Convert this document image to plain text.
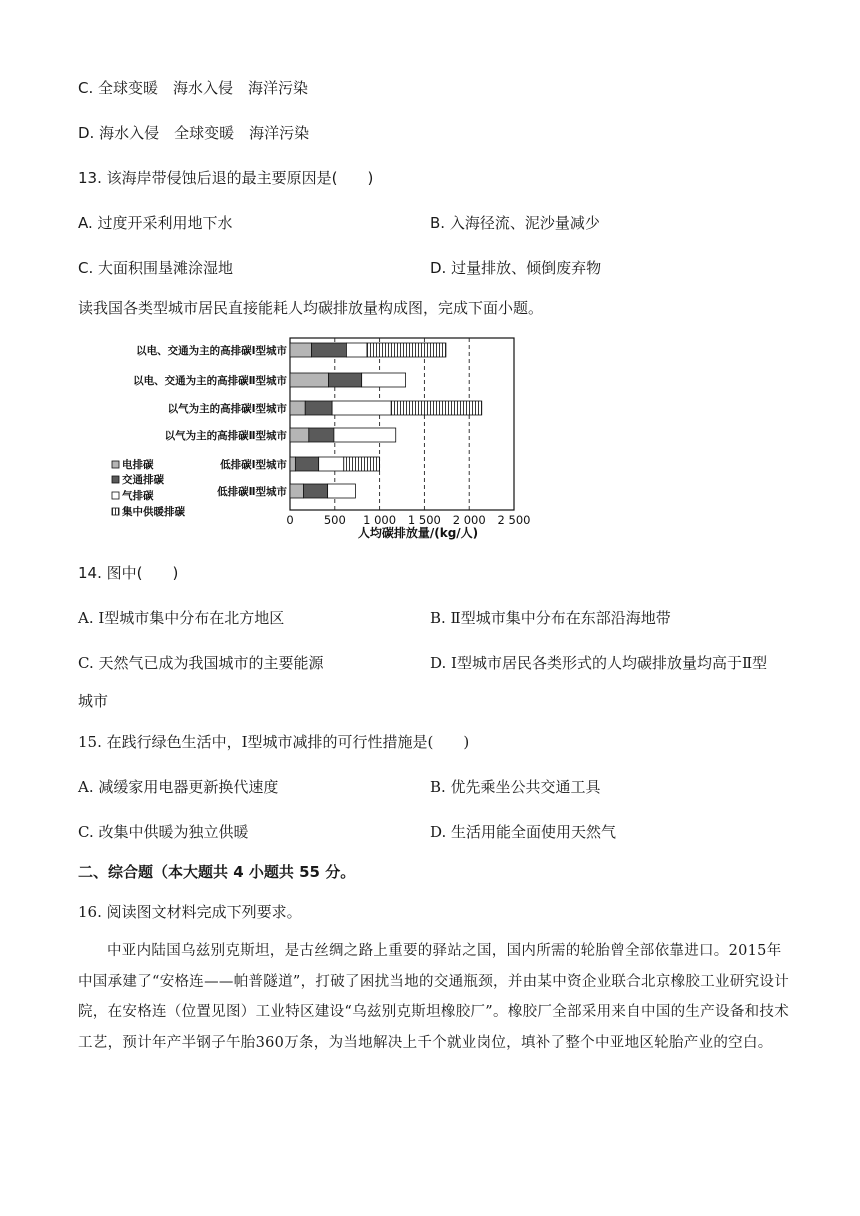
C. 全球变暖　海水入侵　海洋污染
D. 海水入侵　全球变暖　海洋污染
13. 该海岸带侵蚀后退的最主要原因是(　　)
A. 过度开采利用地下水	B. 入海径流、泥沙量减少
C. 大面积围垦滩涂湿地	D. 过量排放、倾倒废弃物
读我国各类型城市居民直接能耗人均碳排放量构成图，完成下面小题。
以电、交通为主的高排碳Ⅰ型城市
以电、交通为主的高排碳Ⅱ型城市
以气为主的高排碳Ⅰ型城市
以气为主的高排碳Ⅱ型城市
低排碳Ⅰ型城市
低排碳Ⅱ型城市
0	500 1 000 1 500 2 000 2 500
电排碳
交通排碳
气排碳
集中供暖排碳
人均碳排放量/(kg/人)
14. 图中(　　)
A. Ⅰ型城市集中分布在北方地区	B. Ⅱ型城市集中分布在东部沿海地带
C. 天然气已成为我国城市的主要能源	D. Ⅰ型城市居民各类形式的人均碳排放量均高于Ⅱ型
城市
15. 在践行绿色生活中，Ⅰ型城市减排的可行性措施是(　　)
A. 减缓家用电器更新换代速度	B. 优先乘坐公共交通工具
C. 改集中供暖为独立供暖	D. 生活用能全面使用天然气
二、综合题（本大题共 4 小题共 55 分。
16. 阅读图文材料完成下列要求。
中亚内陆国乌兹别克斯坦，是古丝绸之路上重要的驿站之国，国内所需的轮胎曾全部依靠进口。2015年中国承建了“安格连——帕普隧道”，打破了困扰当地的交通瓶颈，并由某中资企业联合北京橡胶工业研究设计院，在安格连（位置见图）工业特区建设“乌兹别克斯坦橡胶厂”。橡胶厂全部采用来自中国的生产设备和技术工艺，预计年产半钢子午胎360万条，为当地解决上千个就业岗位，填补了整个中亚地区轮胎产业的空白。
